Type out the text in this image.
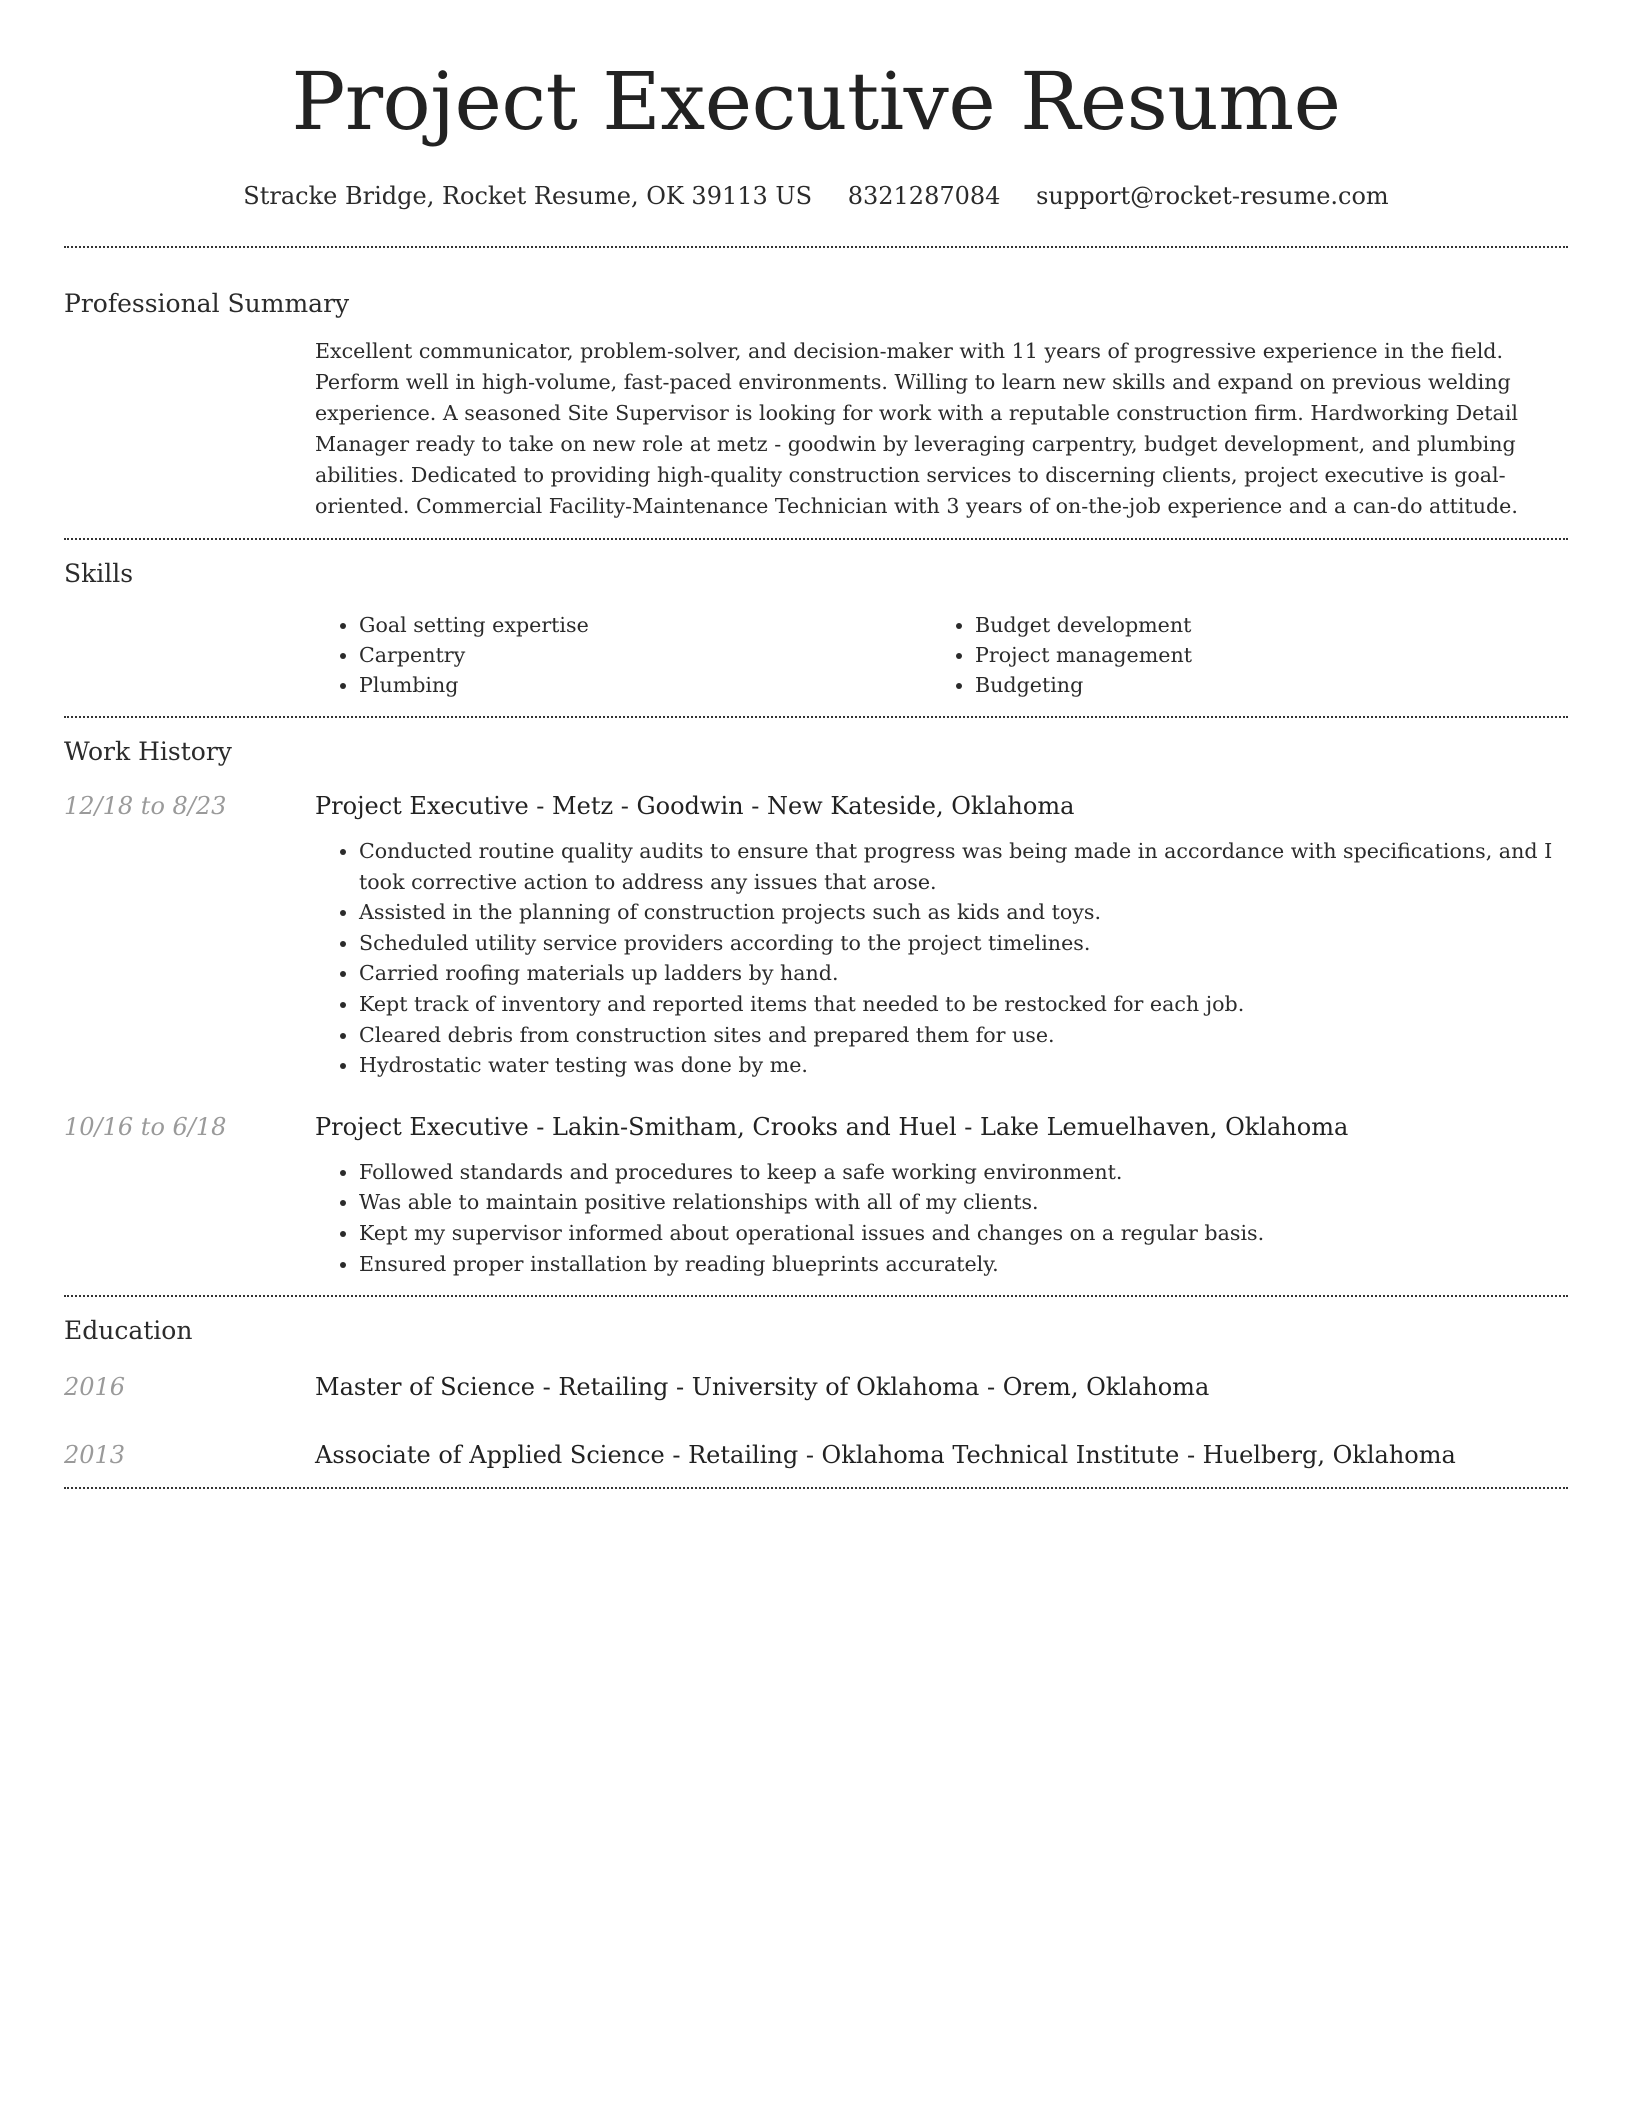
Project Executive Resume
Stracke Bridge, Rocket Resume, OK 39113 US 8321287084 support@rocket-resume.com
Professional Summary

Excellent communicator, problem-solver, and decision-maker with 11 years of progressive experience in the field. Perform well in high-volume, fast-paced environments. Willing to learn new skills and expand on previous welding experience. A seasoned Site Supervisor is looking for work with a reputable construction firm. Hardworking Detail Manager ready to take on new role at metz - goodwin by leveraging carpentry, budget development, and plumbing abilities. Dedicated to providing high-quality construction services to discerning clients, project executive is goal-oriented. Commercial Facility-Maintenance Technician with 3 years of on-the-job experience and a can-do attitude.

Skills
• Goal setting expertise
• Carpentry
• Plumbing
• Budget development
• Project management
• Budgeting
Work History
12/18 to 8/23	Project Executive - Metz - Goodwin - New Kateside, Oklahoma
• Conducted routine quality audits to ensure that progress was being made in accordance with specifications, and I took corrective action to address any issues that arose.
• Assisted in the planning of construction projects such as kids and toys.
• Scheduled utility service providers according to the project timelines.
• Carried roofing materials up ladders by hand.
• Kept track of inventory and reported items that needed to be restocked for each job.
• Cleared debris from construction sites and prepared them for use.
• Hydrostatic water testing was done by me.
10/16 to 6/18	Project Executive - Lakin-Smitham, Crooks and Huel - Lake Lemuelhaven, Oklahoma
• Followed standards and procedures to keep a safe working environment.
• Was able to maintain positive relationships with all of my clients.
• Kept my supervisor informed about operational issues and changes on a regular basis.
• Ensured proper installation by reading blueprints accurately.
Education
2016	Master of Science - Retailing - University of Oklahoma - Orem, Oklahoma
2013	Associate of Applied Science - Retailing - Oklahoma Technical Institute - Huelberg, Oklahoma
